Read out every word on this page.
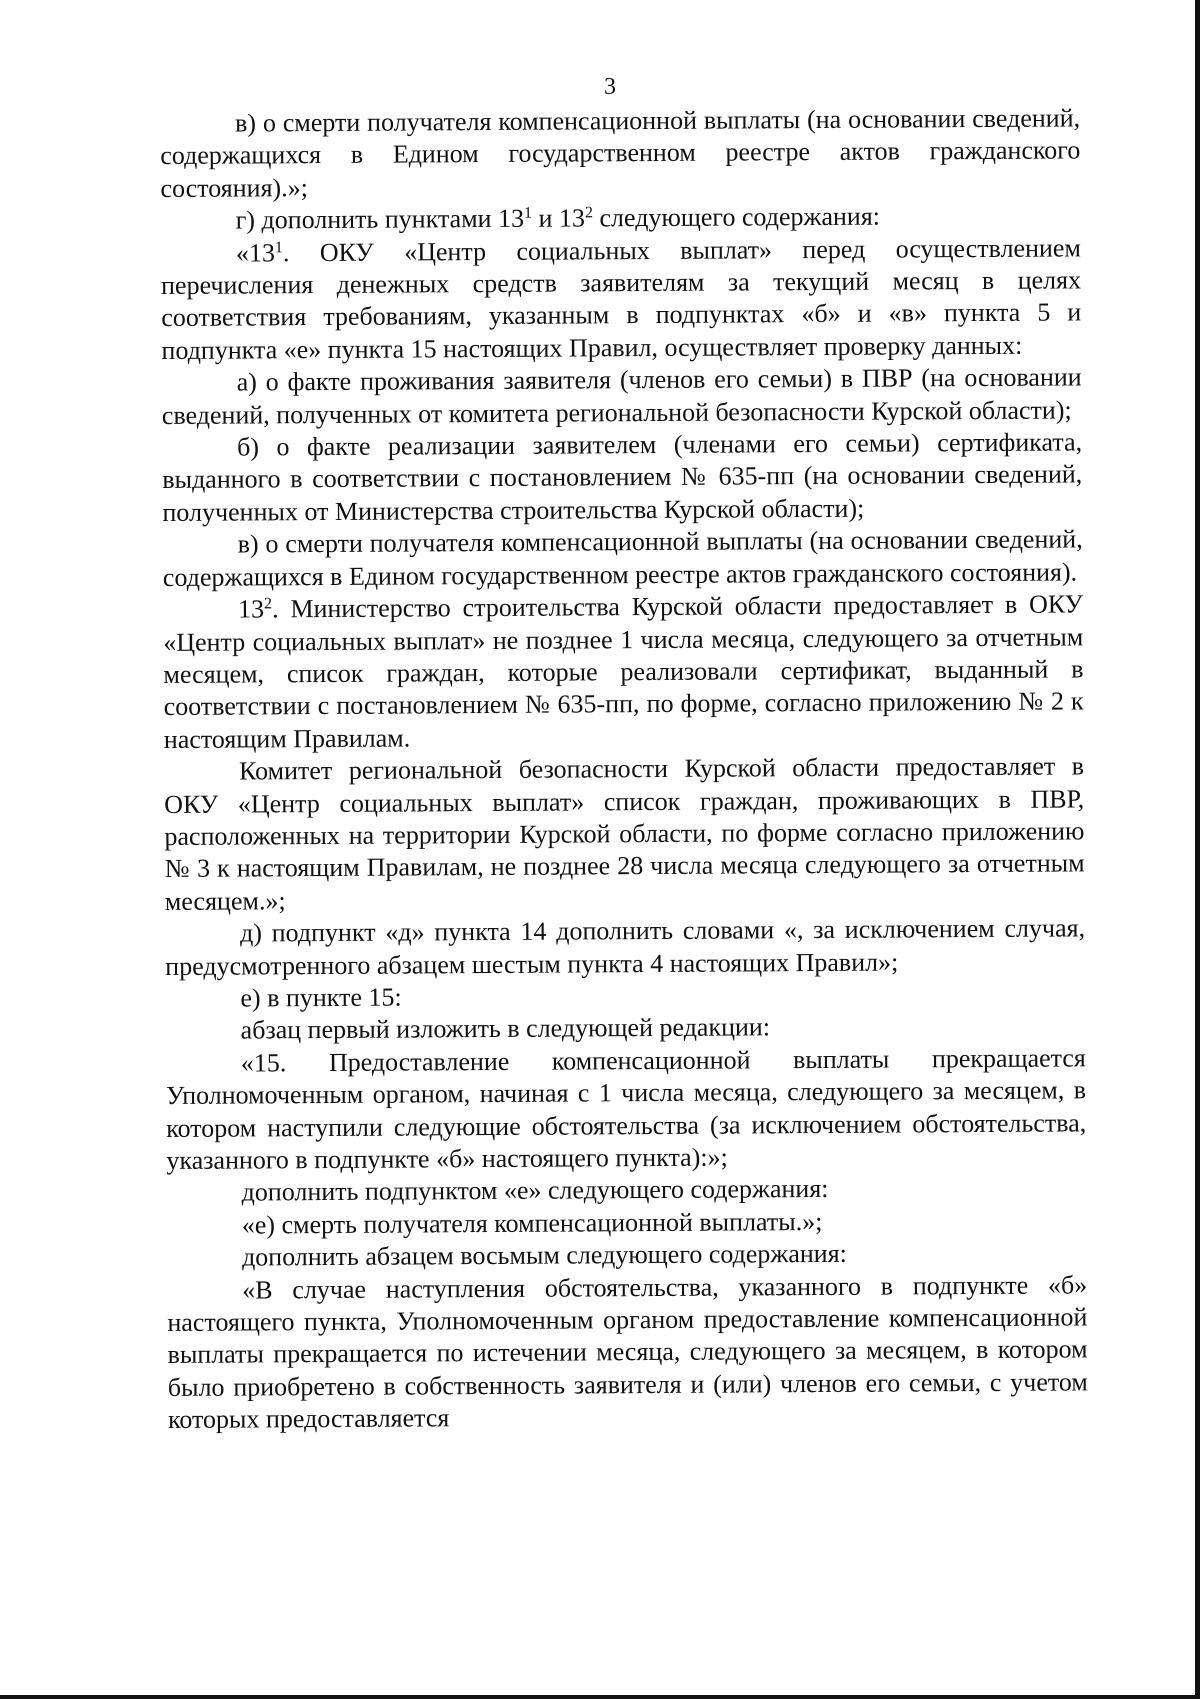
3

в) о смерти получателя компенсационной выплаты (на основании сведений, содержащихся в Едином государственном реестре актов гражданского состояния).»;

г) дополнить пунктами $13^1$ и $13^2$ следующего содержания:

«$13^1$. ОКУ «Центр социальных выплат» перед осуществлением перечисления денежных средств заявителям за текущий месяц в целях соответствия требованиям, указанным в подпунктах «б» и «в» пункта 5 и подпункта «е» пункта 15 настоящих Правил, осуществляет проверку данных:

а) о факте проживания заявителя (членов его семьи) в ПВР (на основании сведений, полученных от комитета региональной безопасности Курской области);

б) о факте реализации заявителем (членами его семьи) сертификата, выданного в соответствии с постановлением № 635-пп (на основании сведений, полученных от Министерства строительства Курской области);

в) о смерти получателя компенсационной выплаты (на основании сведений, содержащихся в Едином государственном реестре актов гражданского состояния).

$13^2$. Министерство строительства Курской области предоставляет в ОКУ «Центр социальных выплат» не позднее 1 числа месяца, следующего за отчетным месяцем, список граждан, которые реализовали сертификат, выданный в соответствии с постановлением № 635-пп, по форме, согласно приложению № 2 к настоящим Правилам.

Комитет региональной безопасности Курской области предоставляет в ОКУ «Центр социальных выплат» список граждан, проживающих в ПВР, расположенных на территории Курской области, по форме согласно приложению № 3 к настоящим Правилам, не позднее 28 числа месяца следующего за отчетным месяцем.»;

д) подпункт «д» пункта 14 дополнить словами «, за исключением случая, предусмотренного абзацем шестым пункта 4 настоящих Правил»;

е) в пункте 15:

абзац первый изложить в следующей редакции:

«15. Предоставление компенсационной выплаты прекращается Уполномоченным органом, начиная с 1 числа месяца, следующего за месяцем, в котором наступили следующие обстоятельства (за исключением обстоятельства, указанного в подпункте «б» настоящего пункта):»;

дополнить подпунктом «е» следующего содержания:

«е) смерть получателя компенсационной выплаты.»;

дополнить абзацем восьмым следующего содержания:

«В случае наступления обстоятельства, указанного в подпункте «б» настоящего пункта, Уполномоченным органом предоставление компенсационной выплаты прекращается по истечении месяца, следующего за месяцем, в котором было приобретено в собственность заявителя и (или) членов его семьи, с учетом которых предоставляется
